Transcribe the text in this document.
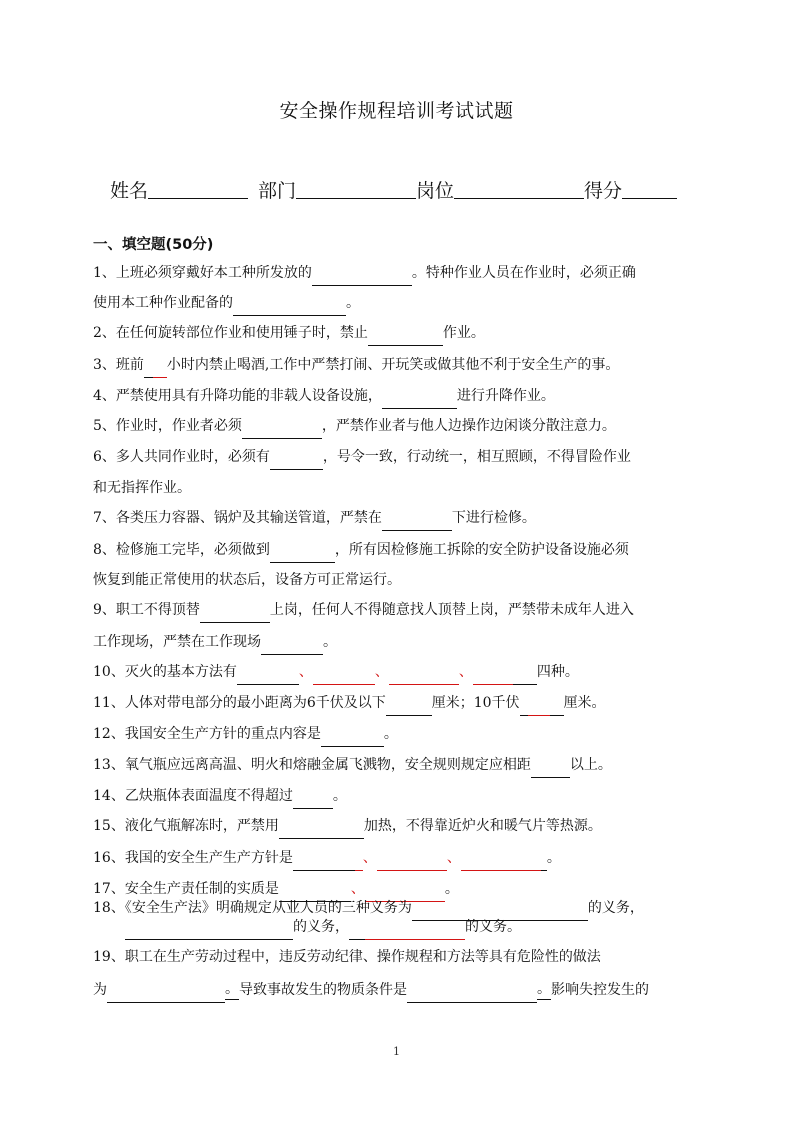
安全操作规程培训考试试题
姓名	部门	岗位	得分
一、填空题(50分)
1、上班必须穿戴好本工种所发放的	。特种作业人员在作业时，必须正确
使用本工种作业配备的	。
2、在任何旋转部位作业和使用锤子时，禁止	作业。
3、班前 小时内禁止喝酒,工作中严禁打闹、开玩笑或做其他不利于安全生产的事。
4、严禁使用具有升降功能的非载人设备设施，	进行升降作业。
5、作业时，作业者必须	，严禁作业者与他人边操作边闲谈分散注意力。
6、多人共同作业时，必须有	，号令一致，行动统一，相互照顾，不得冒险作业
和无指挥作业。
7、各类压力容器、锅炉及其输送管道，严禁在	下进行检修。
8、检修施工完毕，必须做到	，所有因检修施工拆除的安全防护设备设施必须
恢复到能正常使用的状态后，设备方可正常运行。
9、职工不得顶替	上岗，任何人不得随意找人顶替上岗，严禁带未成年人进入
工作现场，严禁在工作现场	。
10、灭火的基本方法有	、	、	、	四种。
11、人体对带电部分的最小距离为6千伏及以下	厘米；10千伏	厘米。
12、我国安全生产方针的重点内容是	。
13、氧气瓶应远离高温、明火和熔融金属飞溅物，安全规则规定应相距	以上。
14、乙炔瓶体表面温度不得超过	。
15、液化气瓶解冻时，严禁用	加热，不得靠近炉火和暖气片等热源。
16、我国的安全生产生产方针是	、	、	。
17、安全生产责任制的实质是	、	。
18、《安全生产法》明确规定从业人员的三种义务为	的义务，
的义务，	的义务。
19、职工在生产劳动过程中，违反劳动纪律、操作规程和方法等具有危险性的做法
为	。导致事故发生的物质条件是	。影响失控发生的
1
